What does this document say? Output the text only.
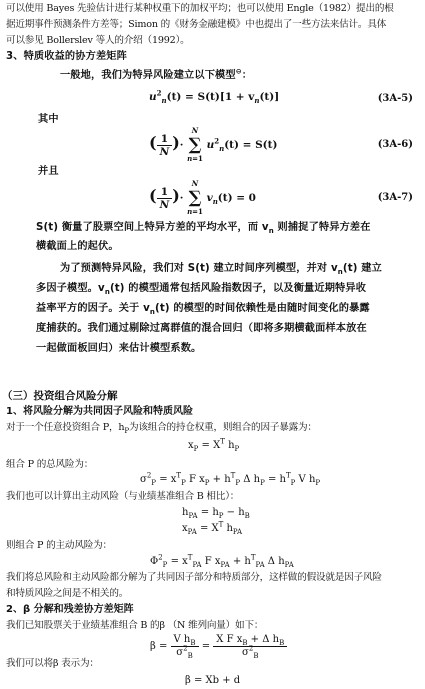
可以使用 Bayes 先验估计进行某种权重下的加权平均；也可以使用 Engle（1982）提出的根
据近期事件预测条件方差等；Simon 的《财务金融建模》中也提出了一些方法来估计。具体
可以参见 Bollerslev 等人的介绍（1992）。
3、特质收益的协方差矩阵
一般地，我们为特异风险建立以下模型⊖：
$u^2_n(t) = S(t)[1 + v_n(t)]$	(3A-5)
其中
( $\frac{1}{N}$ )·
N
∑
n=1
$u^2_n(t) = S(t)$	(3A-6)
并且
( $\frac{1}{N}$ )·
N
∑
n=1
$v_n(t) = 0$	(3A-7)
S(t) 衡量了股票空间上特异方差的平均水平，而 $v_n$ 则捕捉了特异方差在
横截面上的起伏。
为了预测特异风险，我们对 S(t) 建立时间序列模型，并对 $v_n(t)$ 建立
多因子模型。$v_n(t)$ 的模型通常包括风险指数因子，以及衡量近期特异收
益率平方的因子。关于 $v_n(t)$ 的模型的时间依赖性是由随时间变化的暴露
度捕获的。我们通过剔除过离群值的混合回归（即将多期横截面样本放在
一起做面板回归）来估计模型系数。
（三）投资组合风险分解
1、将风险分解为共同因子风险和特质风险
对于一个任意投资组合 P，$h_P$为该组合的持仓权重，则组合的因子暴露为：
$x_P = X^T$ $h_P$
组合 P 的总风险为：
$\sigma^2_P = x^T_P$ F $x_P + h^T_P$ Δ $h_P = h^T_P$ V $h_P$
我们也可以计算出主动风险（与业绩基准组合 B 相比）：
$h_{PA} = h_P - h_B$
$x_{PA} = X^T$ $h_{PA}$
则组合 P 的主动风险为：
$\Phi^2_P = x^T_{PA}$ F $x_{PA} + h^T_{PA}$ Δ $h_{PA}$
我们将总风险和主动风险都分解为了共同因子部分和特质部分，这样做的假设就是因子风险
和特质风险之间是不相关的。
2、β 分解和残差协方差矩阵
我们已知股票关于业绩基准组合 B 的β （N 维列向量）如下：
$\beta = \frac{V h_B}{\sigma^2_B} = \frac{X F x_B + \Delta h_B}{\sigma^2_B}$
我们可以将β 表示为：
β = Xb + d
